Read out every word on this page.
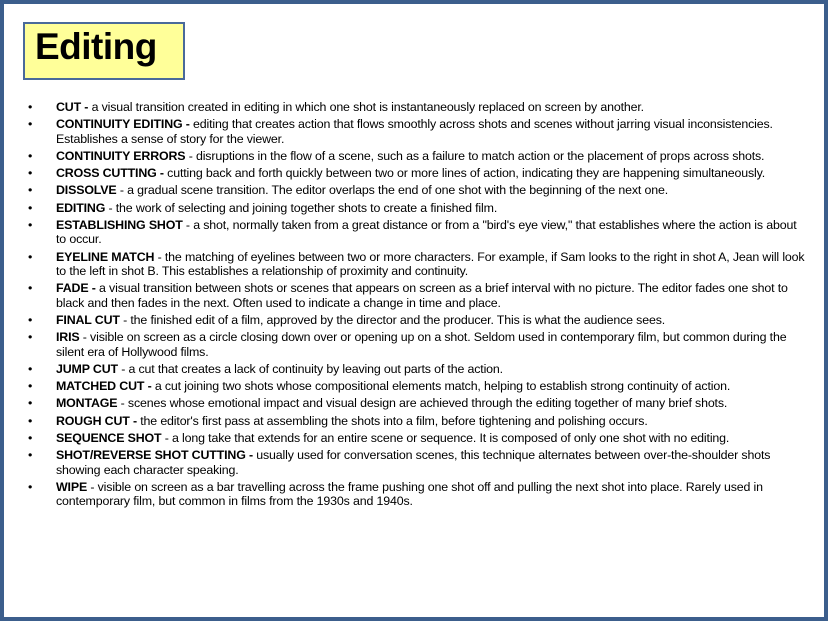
Editing
• CUT - a visual transition created in editing in which one shot is instantaneously replaced on screen by another.
• CONTINUITY EDITING - editing that creates action that flows smoothly across shots and scenes without jarring visual inconsistencies. Establishes a sense of story for the viewer.
• CONTINUITY ERRORS - disruptions in the flow of a scene, such as a failure to match action or the placement of props across shots.
• CROSS CUTTING - cutting back and forth quickly between two or more lines of action, indicating they are happening simultaneously.
• DISSOLVE - a gradual scene transition. The editor overlaps the end of one shot with the beginning of the next one.
• EDITING - the work of selecting and joining together shots to create a finished film.
• ESTABLISHING SHOT - a shot, normally taken from a great distance or from a "bird's eye view," that establishes where the action is about to occur.
• EYELINE MATCH - the matching of eyelines between two or more characters. For example, if Sam looks to the right in shot A, Jean will look to the left in shot B. This establishes a relationship of proximity and continuity.
• FADE - a visual transition between shots or scenes that appears on screen as a brief interval with no picture. The editor fades one shot to black and then fades in the next. Often used to indicate a change in time and place.
• FINAL CUT - the finished edit of a film, approved by the director and the producer. This is what the audience sees.
• IRIS - visible on screen as a circle closing down over or opening up on a shot. Seldom used in contemporary film, but common during the silent era of Hollywood films.
• JUMP CUT - a cut that creates a lack of continuity by leaving out parts of the action.
• MATCHED CUT - a cut joining two shots whose compositional elements match, helping to establish strong continuity of action.
• MONTAGE - scenes whose emotional impact and visual design are achieved through the editing together of many brief shots.
• ROUGH CUT - the editor's first pass at assembling the shots into a film, before tightening and polishing occurs.
• SEQUENCE SHOT - a long take that extends for an entire scene or sequence. It is composed of only one shot with no editing.
• SHOT/REVERSE SHOT CUTTING - usually used for conversation scenes, this technique alternates between over-the-shoulder shots showing each character speaking.
• WIPE - visible on screen as a bar travelling across the frame pushing one shot off and pulling the next shot into place. Rarely used in contemporary film, but common in films from the 1930s and 1940s.
